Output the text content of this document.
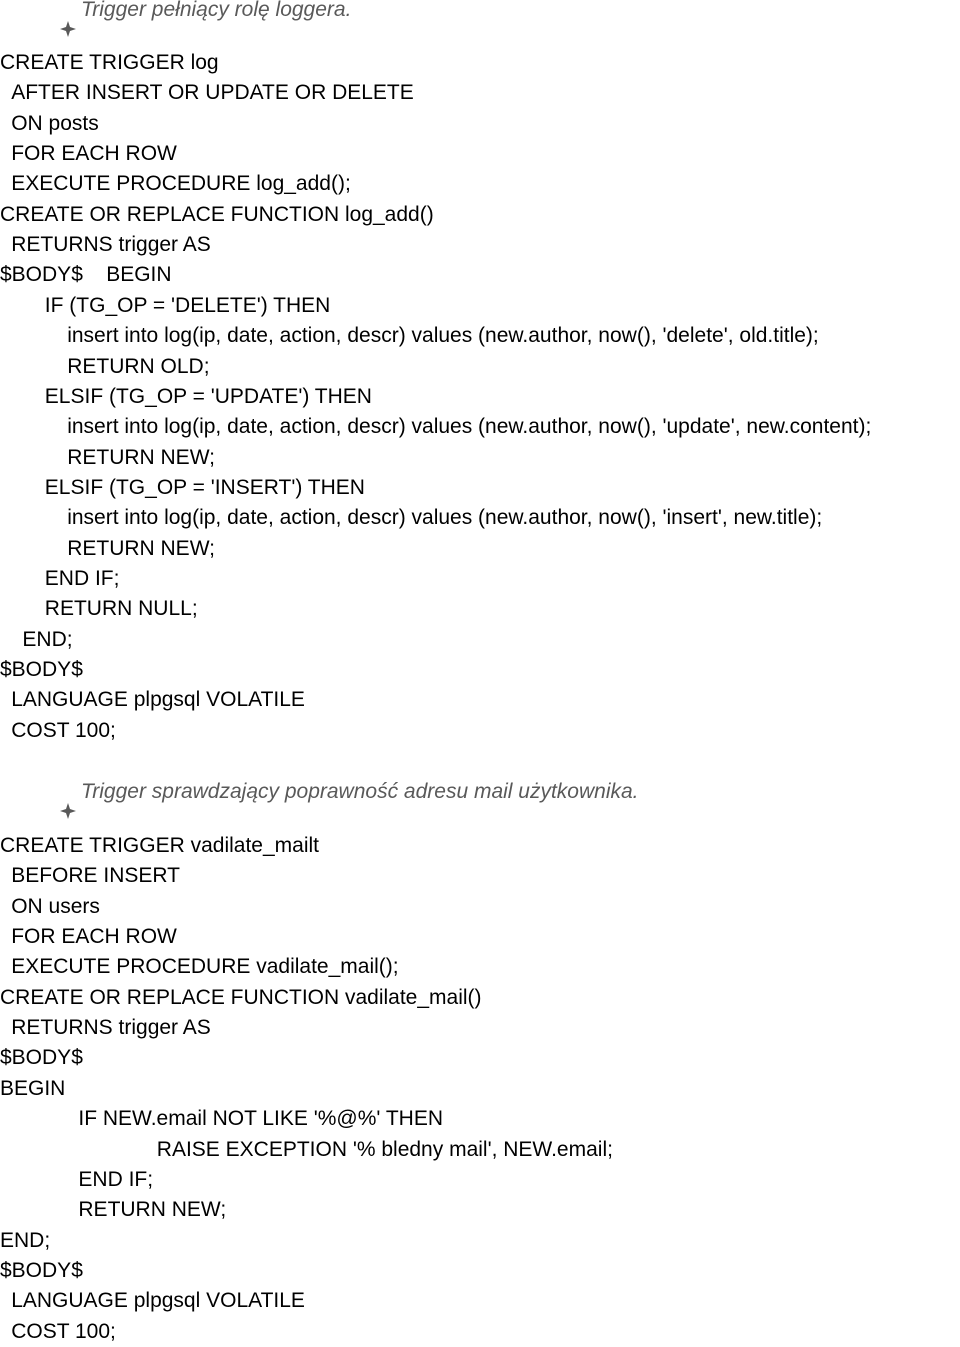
Trigger pełniący rolę loggera.

CREATE TRIGGER log
AFTER INSERT OR UPDATE OR DELETE
ON posts
FOR EACH ROW
EXECUTE PROCEDURE log_add();
CREATE OR REPLACE FUNCTION log_add()
RETURNS trigger AS
$BODY$    BEGIN
IF (TG_OP = 'DELETE') THEN
insert into log(ip, date, action, descr) values (new.author, now(), 'delete', old.title);
RETURN OLD;
ELSIF (TG_OP = 'UPDATE') THEN
insert into log(ip, date, action, descr) values (new.author, now(), 'update', new.content);
RETURN NEW;
ELSIF (TG_OP = 'INSERT') THEN
insert into log(ip, date, action, descr) values (new.author, now(), 'insert', new.title);
RETURN NEW;
END IF;
RETURN NULL;
END;
$BODY$
LANGUAGE plpgsql VOLATILE
COST 100;

Trigger sprawdzający poprawność adresu mail użytkownika.

CREATE TRIGGER vadilate_mailt
BEFORE INSERT
ON users
FOR EACH ROW
EXECUTE PROCEDURE vadilate_mail();
CREATE OR REPLACE FUNCTION vadilate_mail()
RETURNS trigger AS
$BODY$
BEGIN
IF NEW.email NOT LIKE '%@%' THEN
RAISE EXCEPTION '% bledny mail', NEW.email;
END IF;
RETURN NEW;
END;
$BODY$
LANGUAGE plpgsql VOLATILE
COST 100;
